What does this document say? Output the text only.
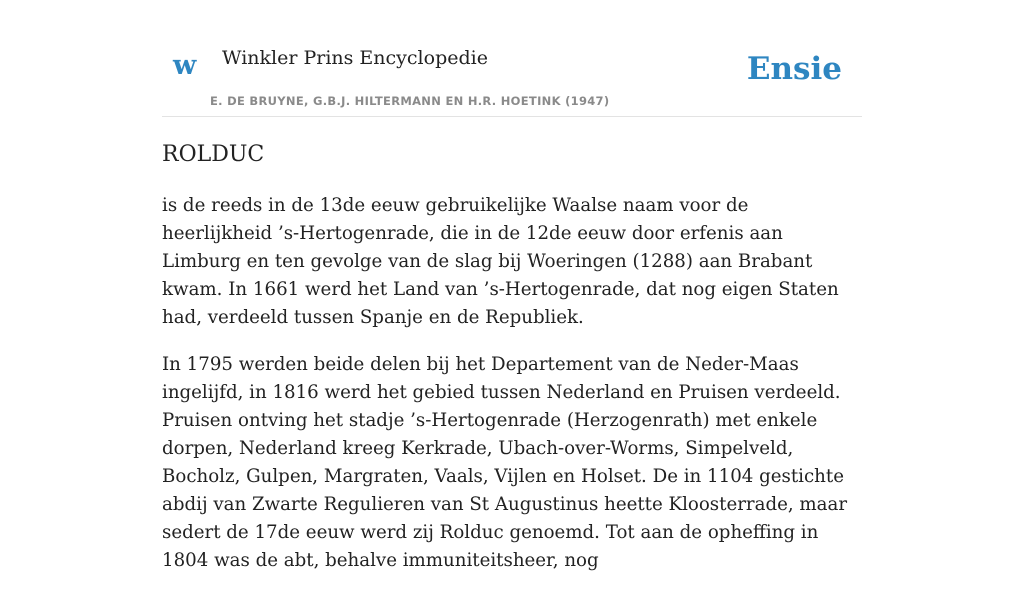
w Winkler Prins Encyclopedie
E. DE BRUYNE, G.B.J. HILTERMANN EN H.R. HOETINK (1947)
Ensie
ROLDUC

is de reeds in de 13de eeuw gebruikelijke Waalse naam voor de heerlijkheid ’s-Hertogenrade, die in de 12de eeuw door erfenis aan Limburg en ten gevolge van de slag bij Woeringen (1288) aan Brabant kwam. In 1661 werd het Land van ’s-Hertogenrade, dat nog eigen Staten had, verdeeld tussen Spanje en de Republiek.

In 1795 werden beide delen bij het Departement van de Neder-Maas ingelijfd, in 1816 werd het gebied tussen Nederland en Pruisen verdeeld. Pruisen ontving het stadje ’s-Hertogenrade (Herzogenrath) met enkele dorpen, Nederland kreeg Kerkrade, Ubach-over-Worms, Simpelveld, Bocholz, Gulpen, Margraten, Vaals, Vijlen en Holset. De in 1104 gestichte abdij van Zwarte Regulieren van St Augustinus heette Kloosterrade, maar sedert de 17de eeuw werd zij Rolduc genoemd. Tot aan de opheffing in 1804 was de abt, behalve immuniteitsheer, nog
